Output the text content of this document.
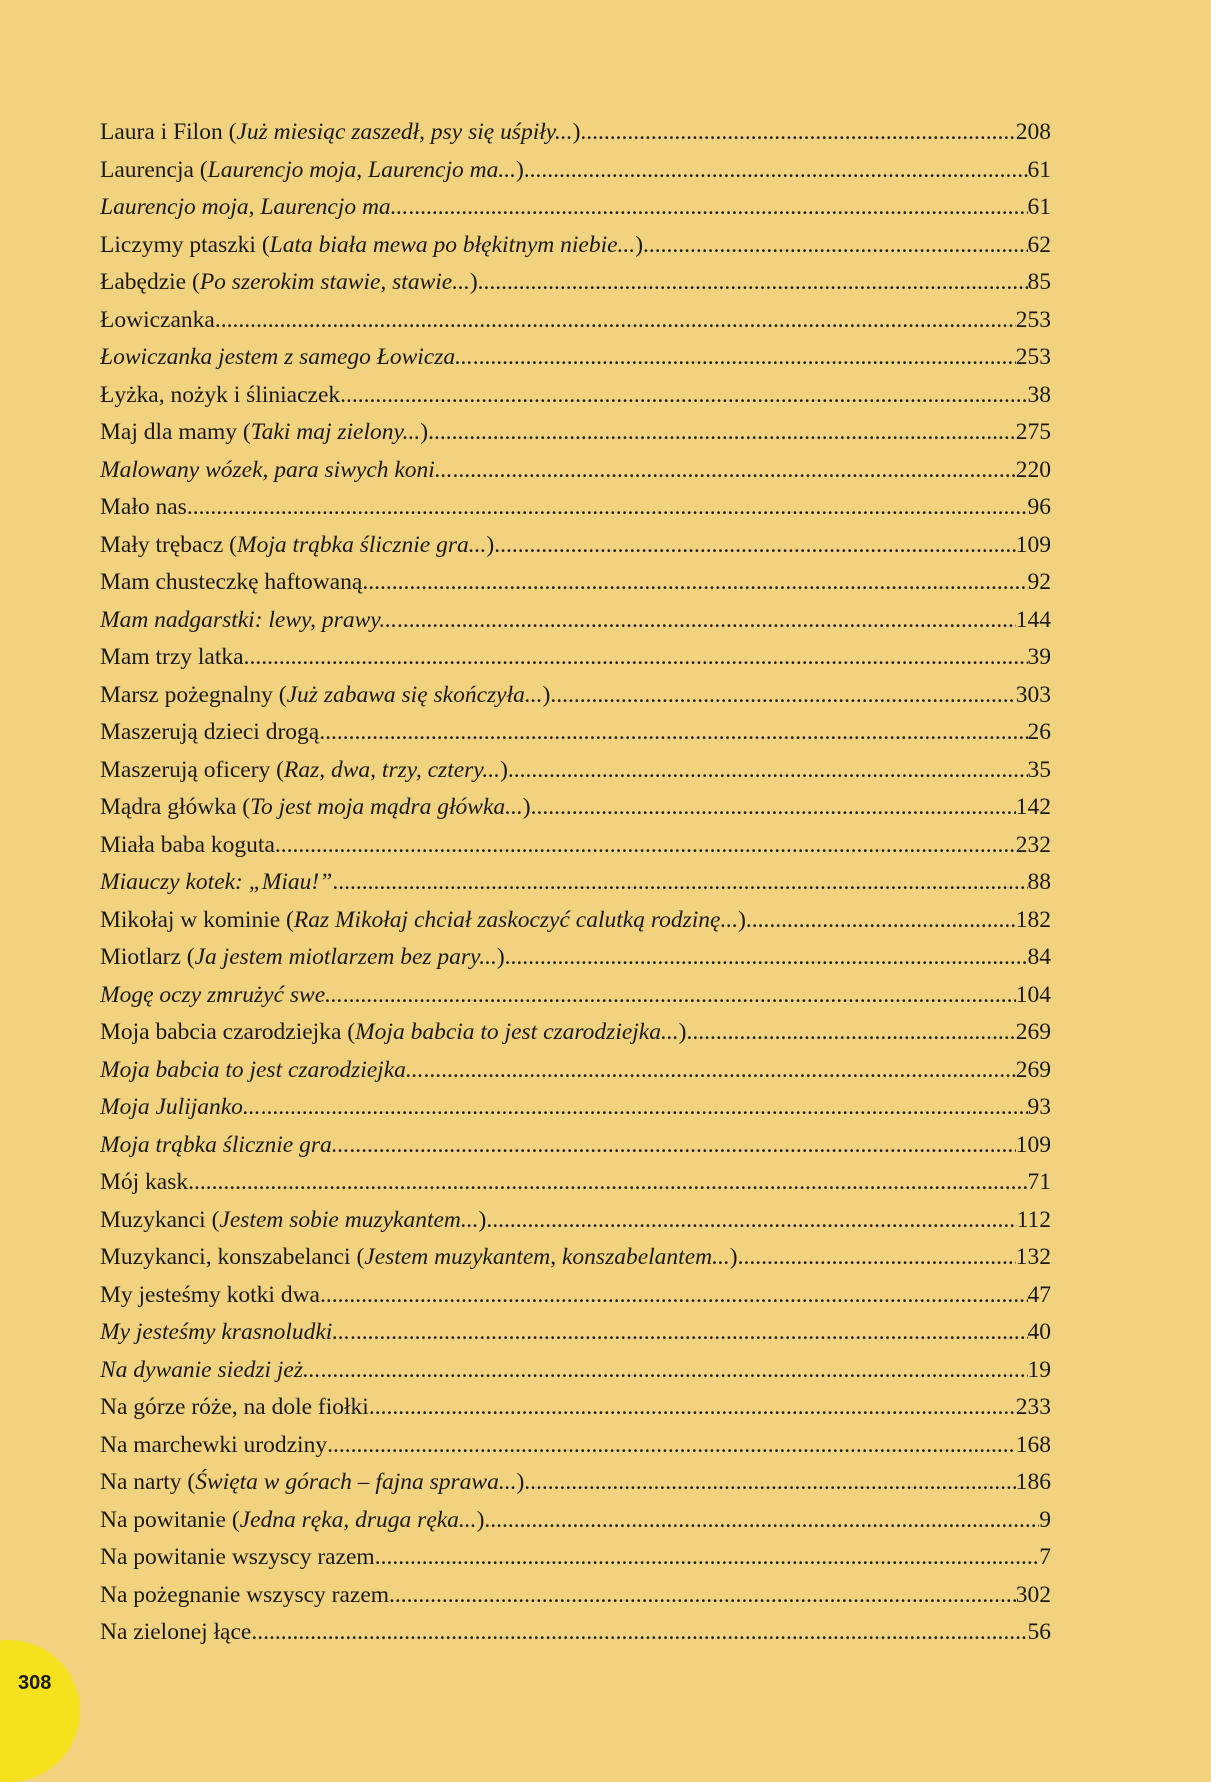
Laura i Filon (Już miesiąc zaszedł, psy się uśpiły...) .....	208
Laurencja (Laurencjo moja, Laurencjo ma...) .....	61
Laurencjo moja, Laurencjo ma... .....	61
Liczymy ptaszki (Lata biała mewa po błękitnym niebie...) .....	62
Łabędzie (Po szerokim stawie, stawie...) .....	85
Łowiczanka .....	253
Łowiczanka jestem z samego Łowicza... .....	253
Łyżka, nożyk i śliniaczek .....	38
Maj dla mamy (Taki maj zielony...) .....	275
Malowany wózek, para siwych koni... .....	220
Mało nas .....	96
Mały trębacz (Moja trąbka ślicznie gra...) .....	109
Mam chusteczkę haftowaną .....	92
Mam nadgarstki: lewy, prawy... .....	144
Mam trzy latka .....	39
Marsz pożegnalny (Już zabawa się skończyła...) .....	303
Maszerują dzieci drogą .....	26
Maszerują oficery (Raz, dwa, trzy, cztery...) .....	35
Mądra główka (To jest moja mądra główka...) .....	142
Miała baba koguta .....	232
Miauczy kotek: „Miau!” .....	88
Mikołaj w kominie (Raz Mikołaj chciał zaskoczyć calutką rodzinę...) .....	182
Miotlarz (Ja jestem miotlarzem bez pary...) .....	84
Mogę oczy zmrużyć swe... .....	104
Moja babcia czarodziejka (Moja babcia to jest czarodziejka...) .....	269
Moja babcia to jest czarodziejka... .....	269
Moja Julijanko... .....	93
Moja trąbka ślicznie gra... .....	109
Mój kask .....	71
Muzykanci (Jestem sobie muzykantem...) .....	112
Muzykanci, konszabelanci (Jestem muzykantem, konszabelantem...) .....	132
My jesteśmy kotki dwa .....	47
My jesteśmy krasnoludki... .....	40
Na dywanie siedzi jeż... .....	19
Na górze róże, na dole fiołki .....	233
Na marchewki urodziny .....	168
Na narty (Święta w górach – fajna sprawa...) .....	186
Na powitanie (Jedna ręka, druga ręka...) .....	9
Na powitanie wszyscy razem .....	7
Na pożegnanie wszyscy razem .....	302
Na zielonej łące .....	56
308
